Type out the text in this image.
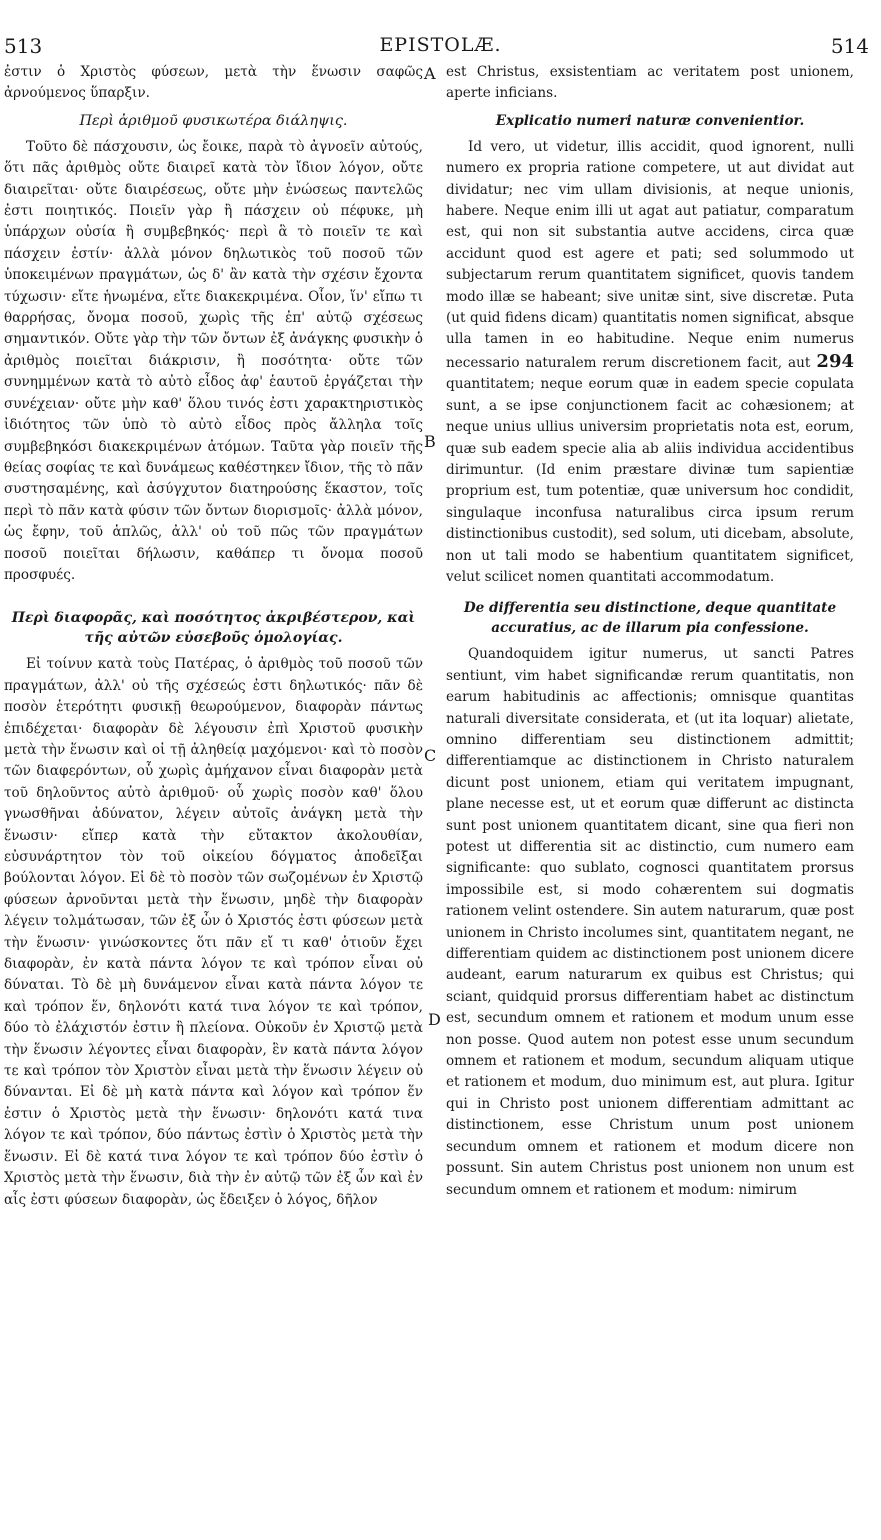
513	EPISTOLÆ.	514

ἐστιν ὁ Χριστὸς φύσεων, μετὰ τὴν ἕνωσιν σαφῶς ἀρνούμενος ὕπαρξιν.

Περὶ ἀριθμοῦ φυσικωτέρα διάληψις.

Τοῦτο δὲ πάσχουσιν, ὡς ἔοικε, παρὰ τὸ ἀγνοεῖν αὐτούς, ὅτι πᾶς ἀριθμὸς οὔτε διαιρεῖ κατὰ τὸν ἴδιον λόγον, οὔτε διαιρεῖται· οὔτε διαιρέσεως, οὔτε μὴν ἑνώσεως παντελῶς ἐστι ποιητικός. Ποιεῖν γὰρ ἢ πάσχειν οὐ πέφυκε, μὴ ὑπάρχων οὐσία ἢ συμβεβηκός· περὶ ἃ τὸ ποιεῖν τε καὶ πάσχειν ἐστίν· ἀλλὰ μόνον δηλωτικὸς τοῦ ποσοῦ τῶν ὑποκειμένων πραγμάτων, ὡς δ' ἂν κατὰ τὴν σχέσιν ἔχοντα τύχωσιν· εἴτε ἡνωμένα, εἴτε διακεκριμένα. Οἷον, ἵν' εἴπω τι θαρρήσας, ὄνομα ποσοῦ, χωρὶς τῆς ἐπ' αὐτῷ σχέσεως σημαντικόν. Οὔτε γὰρ τὴν τῶν ὄντων ἐξ ἀνάγκης φυσικὴν ὁ ἀριθμὸς ποιεῖται διάκρισιν, ἢ ποσότητα· οὔτε τῶν συνημμένων κατὰ τὸ αὐτὸ εἶδος ἀφ' ἑαυτοῦ ἐργάζεται τὴν συνέχειαν· οὔτε μὴν καθ' ὅλου τινός ἐστι χαρακτηριστικὸς ἰδιότητος τῶν ὑπὸ τὸ αὐτὸ εἶδος πρὸς ἄλληλα τοῖς συμβεβηκόσι διακεκριμένων ἀτόμων. Ταῦτα γὰρ ποιεῖν τῆς θείας σοφίας τε καὶ δυνάμεως καθέστηκεν ἴδιον, τῆς τὸ πᾶν συστησαμένης, καὶ ἀσύγχυτον διατηρούσης ἕκαστον, τοῖς περὶ τὸ πᾶν κατὰ φύσιν τῶν ὄντων διορισμοῖς· ἀλλὰ μόνον, ὡς ἔφην, τοῦ ἁπλῶς, ἀλλ' οὐ τοῦ πῶς τῶν πραγμάτων ποσοῦ ποιεῖται δήλωσιν, καθάπερ τι ὄνομα ποσοῦ προσφυές.

Περὶ διαφορᾶς, καὶ ποσότητος ἀκριβέστερον, καὶ τῆς αὐτῶν εὐσεβοῦς ὁμολογίας.

Εἰ τοίνυν κατὰ τοὺς Πατέρας, ὁ ἀριθμὸς τοῦ ποσοῦ τῶν πραγμάτων, ἀλλ' οὐ τῆς σχέσεώς ἐστι δηλωτικός· πᾶν δὲ ποσὸν ἑτερότητι φυσικῇ θεωρούμενον, διαφορὰν πάντως ἐπιδέχεται· διαφορὰν δὲ λέγουσιν ἐπὶ Χριστοῦ φυσικὴν μετὰ τὴν ἕνωσιν καὶ οἱ τῇ ἀληθείᾳ μαχόμενοι· καὶ τὸ ποσὸν τῶν διαφερόντων, οὗ χωρὶς ἀμήχανον εἶναι διαφορὰν μετὰ τοῦ δηλοῦντος αὐτὸ ἀριθμοῦ· οὗ χωρὶς ποσὸν καθ' ὅλου γνωσθῆναι ἀδύνατον, λέγειν αὐτοῖς ἀνάγκη μετὰ τὴν ἕνωσιν· εἴπερ κατὰ τὴν εὔτακτον ἀκολουθίαν, εὐσυνάρτητον τὸν τοῦ οἰκείου δόγματος ἀποδεῖξαι βούλονται λόγον. Εἰ δὲ τὸ ποσὸν τῶν σωζομένων ἐν Χριστῷ φύσεων ἀρνοῦνται μετὰ τὴν ἕνωσιν, μηδὲ τὴν διαφορὰν λέγειν τολμάτωσαν, τῶν ἐξ ὧν ὁ Χριστός ἐστι φύσεων μετὰ τὴν ἕνωσιν· γινώσκοντες ὅτι πᾶν εἴ τι καθ' ὁτιοῦν ἔχει διαφορὰν, ἐν κατὰ πάντα λόγον τε καὶ τρόπον εἶναι οὐ δύναται. Τὸ δὲ μὴ δυνάμενον εἶναι κατὰ πάντα λόγον τε καὶ τρόπον ἕν, δηλονότι κατά τινα λόγον τε καὶ τρόπον, δύο τὸ ἐλάχιστόν ἐστιν ἢ πλείονα. Οὐκοῦν ἐν Χριστῷ μετὰ τὴν ἕνωσιν λέγοντες εἶναι διαφορὰν, ἓν κατὰ πάντα λόγον τε καὶ τρόπον τὸν Χριστὸν εἶναι μετὰ τὴν ἕνωσιν λέγειν οὐ δύνανται. Εἰ δὲ μὴ κατὰ πάντα καὶ λόγον καὶ τρόπον ἕν ἐστιν ὁ Χριστὸς μετὰ τὴν ἕνωσιν· δηλονότι κατά τινα λόγον τε καὶ τρόπον, δύο πάντως ἐστὶν ὁ Χριστὸς μετὰ τὴν ἕνωσιν. Εἰ δὲ κατά τινα λόγον τε καὶ τρόπον δύο ἐστὶν ὁ Χριστὸς μετὰ τὴν ἕνωσιν, διὰ τὴν ἐν αὐτῷ τῶν ἐξ ὧν καὶ ἐν αἷς ἐστι φύσεων διαφορὰν, ὡς ἔδειξεν ὁ λόγος, δῆλον

est Christus, exsistentiam ac veritatem post unionem, aperte inficians.

Explicatio numeri naturæ convenientior.

Id vero, ut videtur, illis accidit, quod ignorent, nulli numero ex propria ratione competere, ut aut dividat aut dividatur; nec vim ullam divisionis, at neque unionis, habere. Neque enim illi ut agat aut patiatur, comparatum est, qui non sit substantia autve accidens, circa quæ accidunt quod est agere et pati; sed solummodo ut subjectarum rerum quantitatem significet, quovis tandem modo illæ se habeant; sive unitæ sint, sive discretæ. Puta (ut quid fidens dicam) quantitatis nomen significat, absque ulla tamen in eo habitudine. Neque enim numerus necessario naturalem rerum discretionem facit, aut 294 quantitatem; neque eorum quæ in eadem specie copulata sunt, a se ipse conjunctionem facit ac cohæsionem; at neque unius ullius universim proprietatis nota est, eorum, quæ sub eadem specie alia ab aliis individua accidentibus dirimuntur. (Id enim præstare divinæ tum sapientiæ proprium est, tum potentiæ, quæ universum hoc condidit, singulaque inconfusa naturalibus circa ipsum rerum distinctionibus custodit), sed solum, uti dicebam, absolute, non ut tali modo se habentium quantitatem significet, velut scilicet nomen quantitati accommodatum.

De differentia seu distinctione, deque quantitate accuratius, ac de illarum pia confessione.

Quandoquidem igitur numerus, ut sancti Patres sentiunt, vim habet significandæ rerum quantitatis, non earum habitudinis ac affectionis; omnisque quantitas naturali diversitate considerata, et (ut ita loquar) alietate, omnino differentiam seu distinctionem admittit; differentiamque ac distinctionem in Christo naturalem dicunt post unionem, etiam qui veritatem impugnant, plane necesse est, ut et eorum quæ differunt ac distincta sunt post unionem quantitatem dicant, sine qua fieri non potest ut differentia sit ac distinctio, cum numero eam significante: quo sublato, cognosci quantitatem prorsus impossibile est, si modo cohærentem sui dogmatis rationem velint ostendere. Sin autem naturarum, quæ post unionem in Christo incolumes sint, quantitatem negant, ne differentiam quidem ac distinctionem post unionem dicere audeant, earum naturarum ex quibus est Christus; qui sciant, quidquid prorsus differentiam habet ac distinctum est, secundum omnem et rationem et modum unum esse non posse. Quod autem non potest esse unum secundum omnem et rationem et modum, secundum aliquam utique et rationem et modum, duo minimum est, aut plura. Igitur qui in Christo post unionem differentiam admittant ac distinctionem, esse Christum unum post unionem secundum omnem et rationem et modum dicere non possunt. Sin autem Christus post unionem non unum est secundum omnem et rationem et modum: nimirum

A
B
C
D
